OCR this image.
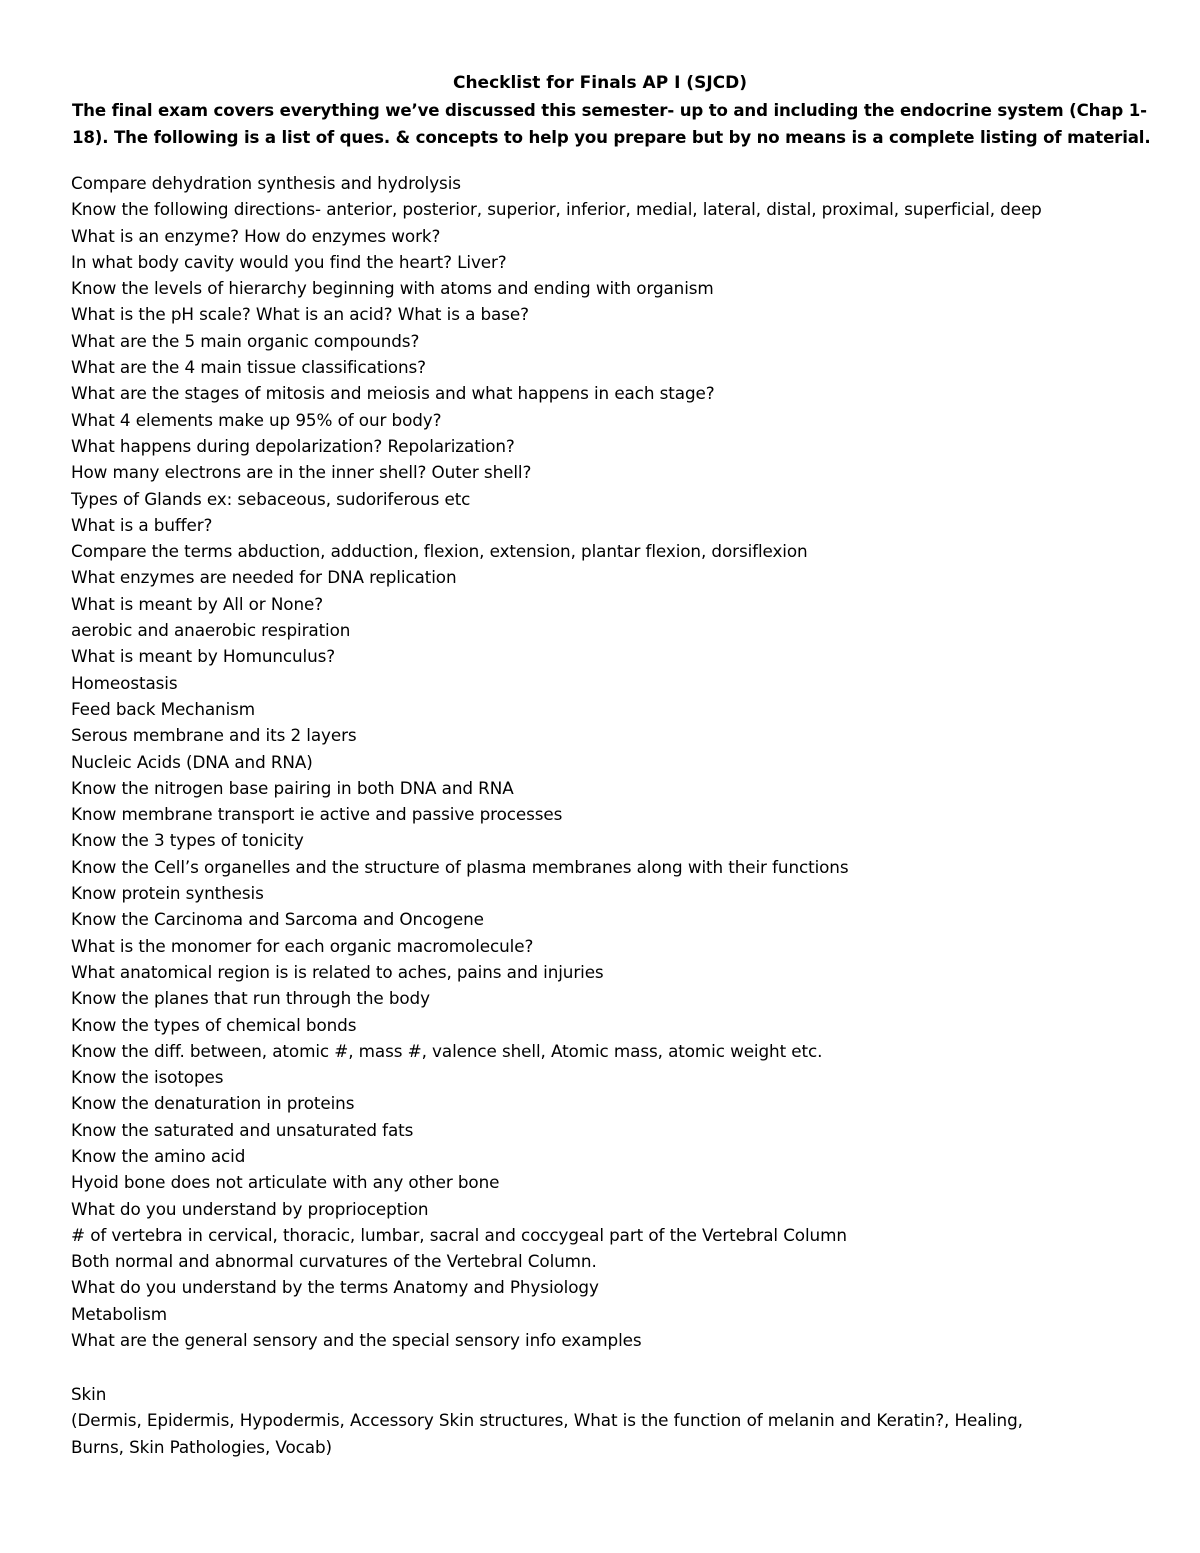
Checklist for Finals AP I (SJCD)
The final exam covers everything we’ve discussed this semester- up to and including the endocrine system (Chap 1-
18). The following is a list of ques. & concepts to help you prepare but by no means is a complete listing of material.
Compare dehydration synthesis and hydrolysis
Know the following directions- anterior, posterior, superior, inferior, medial, lateral, distal, proximal, superficial, deep
What is an enzyme? How do enzymes work?
In what body cavity would you find the heart? Liver?
Know the levels of hierarchy beginning with atoms and ending with organism
What is the pH scale? What is an acid? What is a base?
What are the 5 main organic compounds?
What are the 4 main tissue classifications?
What are the stages of mitosis and meiosis and what happens in each stage?
What 4 elements make up 95% of our body?
What happens during depolarization? Repolarization?
How many electrons are in the inner shell? Outer shell?
Types of Glands ex: sebaceous, sudoriferous etc
What is a buffer?
Compare the terms abduction, adduction, flexion, extension, plantar flexion, dorsiflexion
What enzymes are needed for DNA replication
What is meant by All or None?
aerobic and anaerobic respiration
What is meant by Homunculus?
Homeostasis
Feed back Mechanism
Serous membrane and its 2 layers
Nucleic Acids (DNA and RNA)
Know the nitrogen base pairing in both DNA and RNA
Know membrane transport ie active and passive processes
Know the 3 types of tonicity
Know the Cell’s organelles and the structure of plasma membranes along with their functions
Know protein synthesis
Know the Carcinoma and Sarcoma and Oncogene
What is the monomer for each organic macromolecule?
What anatomical region is is related to aches, pains and injuries
Know the planes that run through the body
Know the types of chemical bonds
Know the diff. between, atomic #, mass #, valence shell, Atomic mass, atomic weight etc.
Know the isotopes
Know the denaturation in proteins
Know the saturated and unsaturated fats
Know the amino acid
Hyoid bone does not articulate with any other bone
What do you understand by proprioception
# of vertebra in cervical, thoracic, lumbar, sacral and coccygeal part of the Vertebral Column
Both normal and abnormal curvatures of the Vertebral Column.
What do you understand by the terms Anatomy and Physiology
Metabolism
What are the general sensory and the special sensory info examples
Skin
(Dermis, Epidermis, Hypodermis, Accessory Skin structures, What is the function of melanin and Keratin?, Healing,
Burns, Skin Pathologies, Vocab)
